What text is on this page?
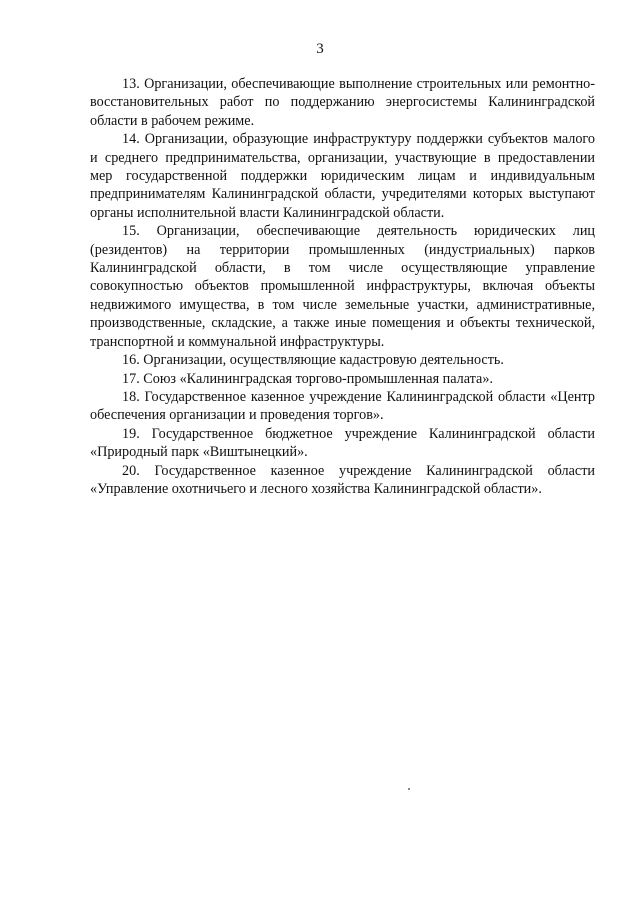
3

13. Организации, обеспечивающие выполнение строительных или ремонтно-восстановительных работ по поддержанию энергосистемы Калининградской области в рабочем режиме.

14. Организации, образующие инфраструктуру поддержки субъектов малого и среднего предпринимательства, организации, участвующие в предоставлении мер государственной поддержки юридическим лицам и индивидуальным предпринимателям Калининградской области, учредителями которых выступают органы исполнительной власти Калининградской области.

15. Организации, обеспечивающие деятельность юридических лиц (резидентов) на территории промышленных (индустриальных) парков Калининградской области, в том числе осуществляющие управление совокупностью объектов промышленной инфраструктуры, включая объекты недвижимого имущества, в том числе земельные участки, административные, производственные, складские, а также иные помещения и объекты технической, транспортной и коммунальной инфраструктуры.

16. Организации, осуществляющие кадастровую деятельность.

17. Союз «Калининградская торгово-промышленная палата».

18. Государственное казенное учреждение Калининградской области «Центр обеспечения организации и проведения торгов».

19. Государственное бюджетное учреждение Калининградской области «Природный парк «Виштынецкий».

20. Государственное казенное учреждение Калининградской области «Управление охотничьего и лесного хозяйства Калининградской области».
